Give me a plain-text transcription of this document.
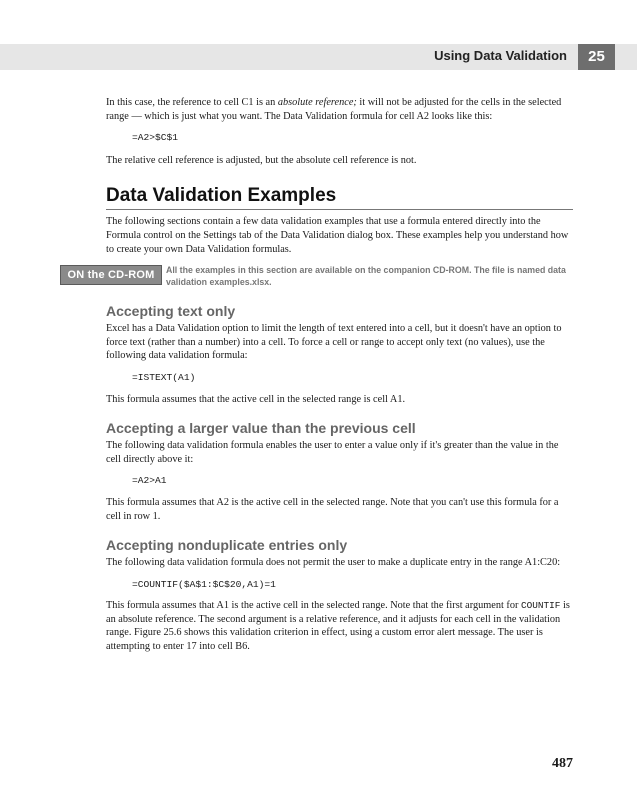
Using Data Validation	25

In this case, the reference to cell C1 is an absolute reference; it will not be adjusted for the cells in the selected range — which is just what you want. The Data Validation formula for cell A2 looks like this:

=A2>$C$1

The relative cell reference is adjusted, but the absolute cell reference is not.

Data Validation Examples

The following sections contain a few data validation examples that use a formula entered directly into the Formula control on the Settings tab of the Data Validation dialog box. These examples help you understand how to create your own Data Validation formulas.

ON the CD-ROM	All the examples in this section are available on the companion CD-ROM. The file is named data validation examples.xlsx.
Accepting text only

Excel has a Data Validation option to limit the length of text entered into a cell, but it doesn't have an option to force text (rather than a number) into a cell. To force a cell or range to accept only text (no values), use the following data validation formula:

=ISTEXT(A1)

This formula assumes that the active cell in the selected range is cell A1.

Accepting a larger value than the previous cell

The following data validation formula enables the user to enter a value only if it's greater than the value in the cell directly above it:

=A2>A1

This formula assumes that A2 is the active cell in the selected range. Note that you can't use this formula for a cell in row 1.

Accepting nonduplicate entries only

The following data validation formula does not permit the user to make a duplicate entry in the range A1:C20:

=COUNTIF($A$1:$C$20,A1)=1

This formula assumes that A1 is the active cell in the selected range. Note that the first argument for COUNTIF is an absolute reference. The second argument is a relative reference, and it adjusts for each cell in the validation range. Figure 25.6 shows this validation criterion in effect, using a custom error alert message. The user is attempting to enter 17 into cell B6.

487
